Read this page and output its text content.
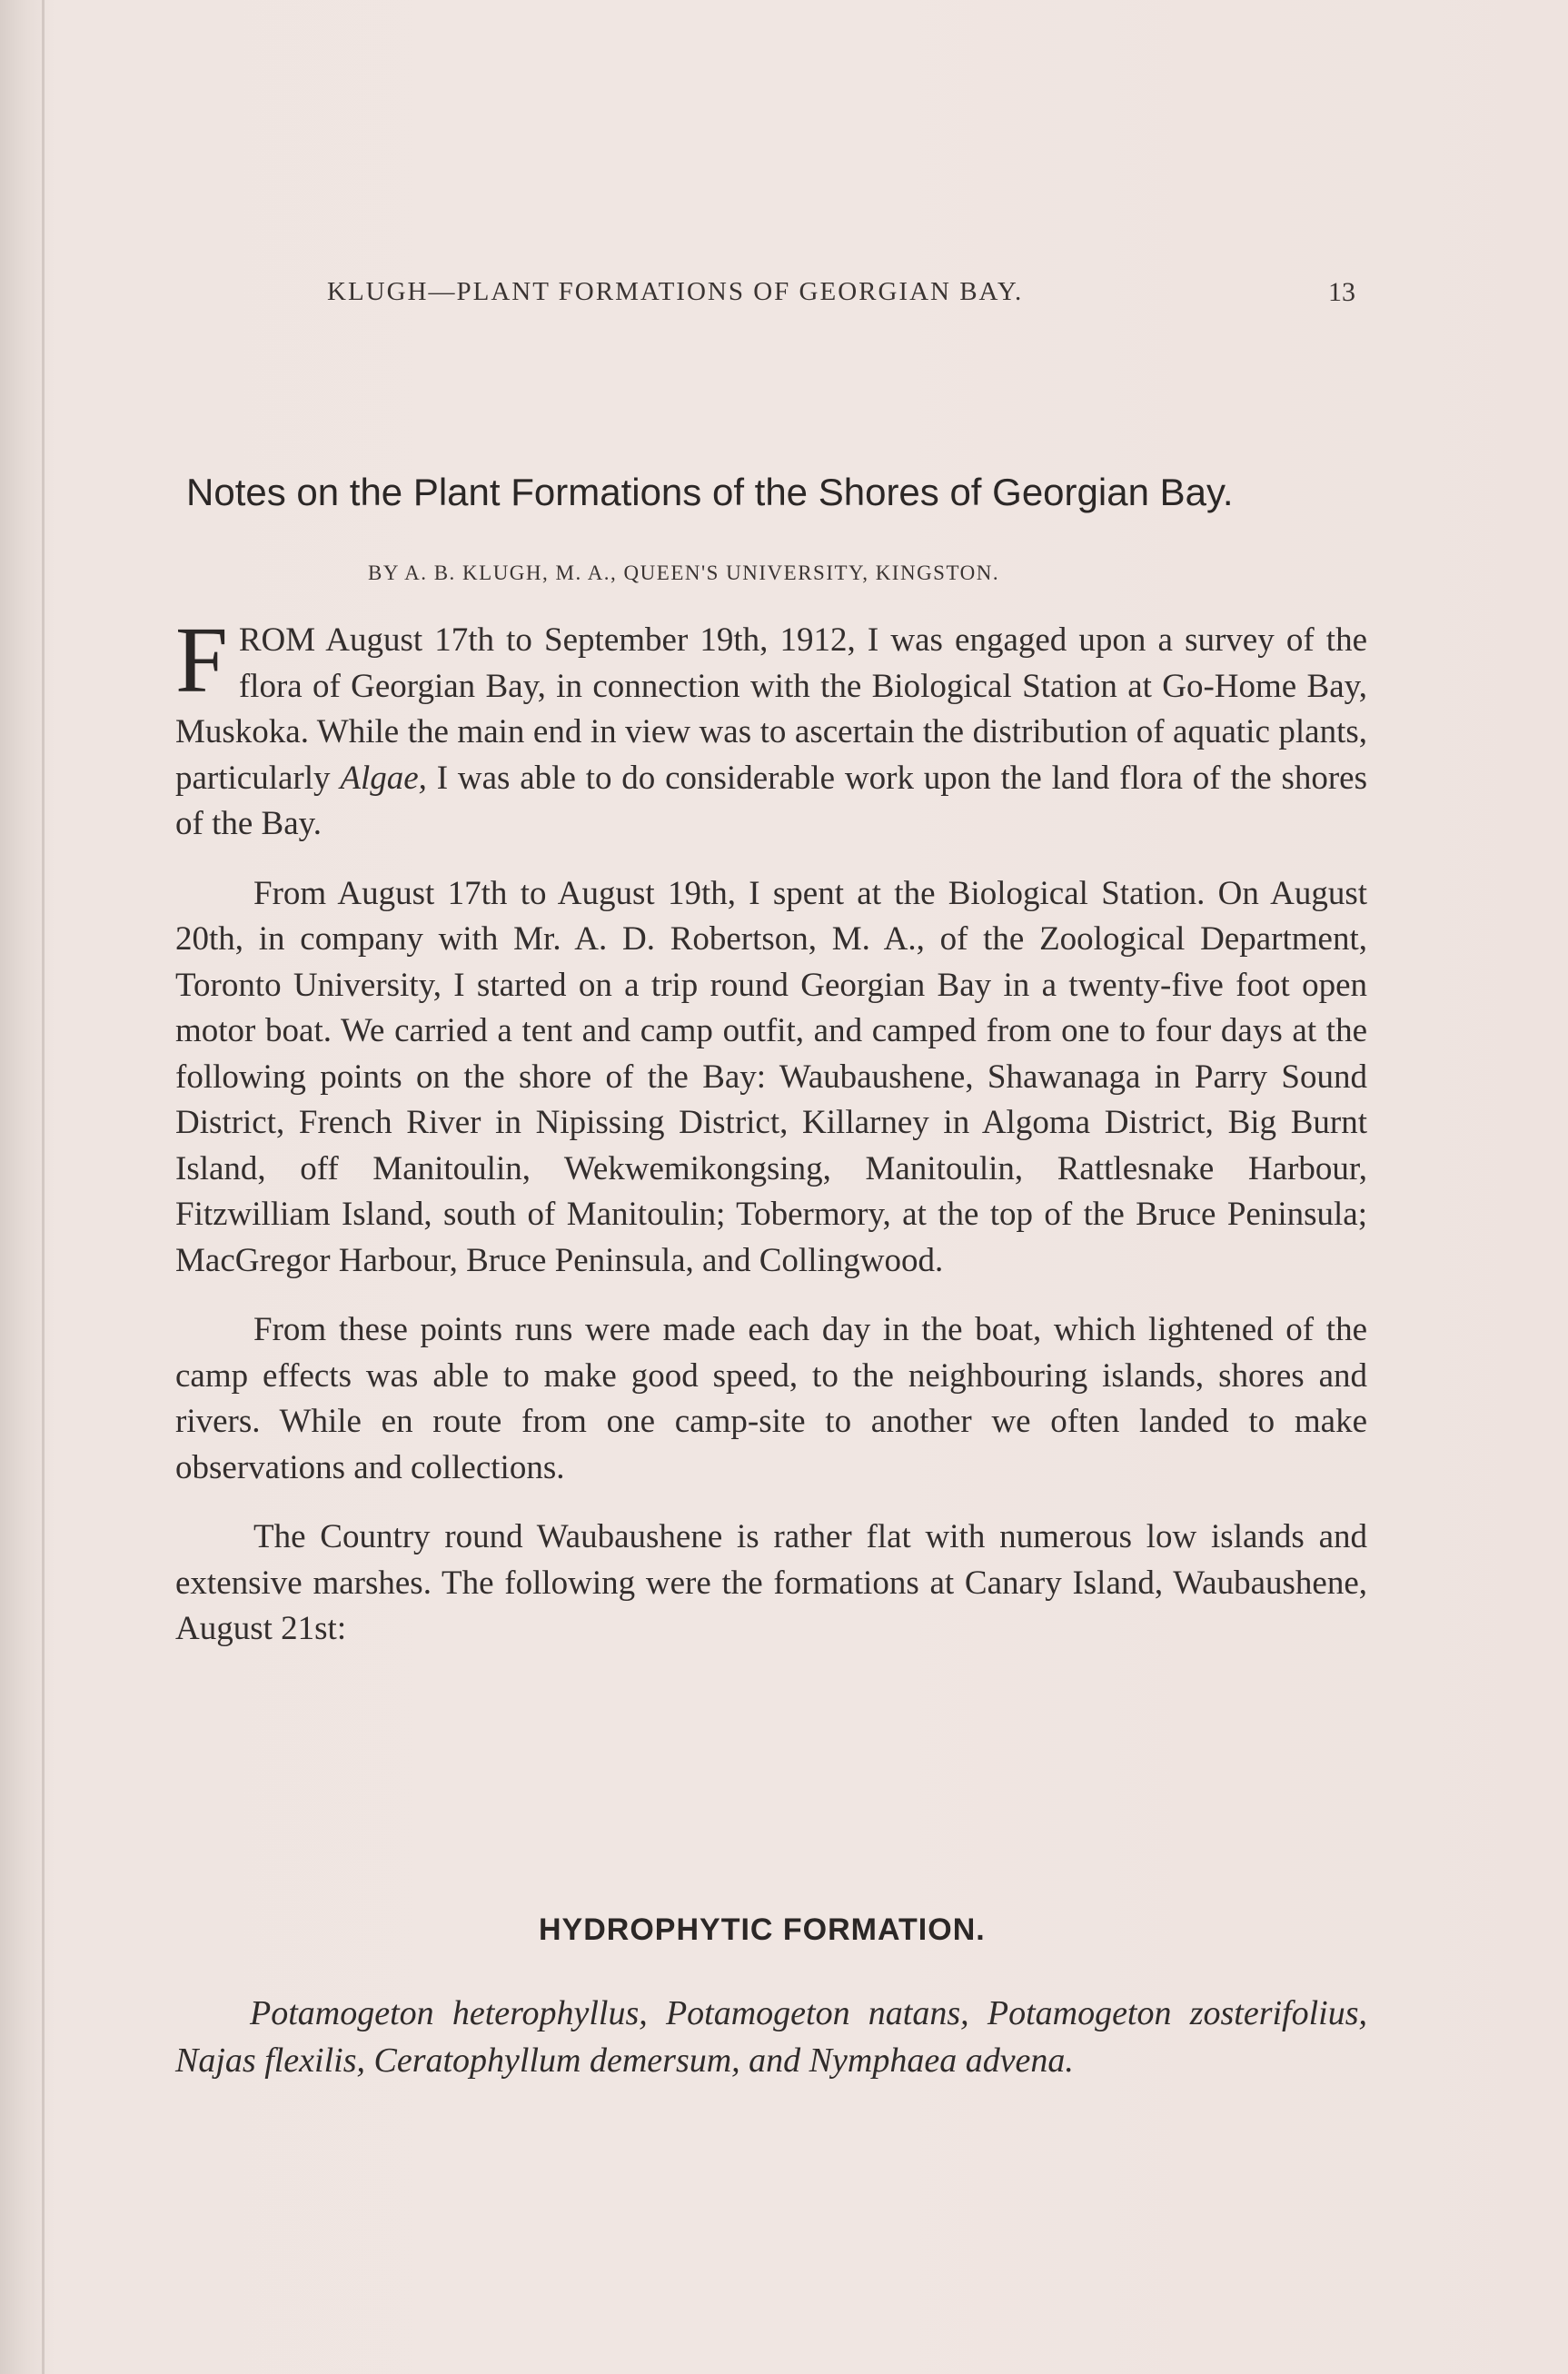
KLUGH—PLANT FORMATIONS OF GEORGIAN BAY.	13
Notes on the Plant Formations of the Shores of Georgian Bay.
BY A. B. KLUGH, M. A., QUEEN'S UNIVERSITY, KINGSTON.

FROM August 17th to September 19th, 1912, I was engaged upon a survey of the flora of Georgian Bay, in connection with the Biological Station at Go-Home Bay, Muskoka. While the main end in view was to ascertain the distribution of aquatic plants, particularly Algae, I was able to do considerable work upon the land flora of the shores of the Bay.

From August 17th to August 19th, I spent at the Biological Station. On August 20th, in company with Mr. A. D. Robertson, M. A., of the Zoological Department, Toronto University, I started on a trip round Georgian Bay in a twenty-five foot open motor boat. We carried a tent and camp outfit, and camped from one to four days at the following points on the shore of the Bay: Waubaushene, Shawanaga in Parry Sound District, French River in Nipissing District, Killarney in Algoma District, Big Burnt Island, off Manitoulin, Wekwemikongsing, Manitoulin, Rattlesnake Harbour, Fitzwilliam Island, south of Manitoulin; Tobermory, at the top of the Bruce Peninsula; MacGregor Harbour, Bruce Peninsula, and Collingwood.

From these points runs were made each day in the boat, which lightened of the camp effects was able to make good speed, to the neighbouring islands, shores and rivers. While en route from one camp-site to another we often landed to make observations and collections.

The Country round Waubaushene is rather flat with numerous low islands and extensive marshes. The following were the formations at Canary Island, Waubaushene, August 21st:

HYDROPHYTIC FORMATION.
Potamogeton heterophyllus, Potamogeton natans, Potamogeton zosterifolius, Najas flexilis, Ceratophyllum demersum, and Nymphaea advena.
